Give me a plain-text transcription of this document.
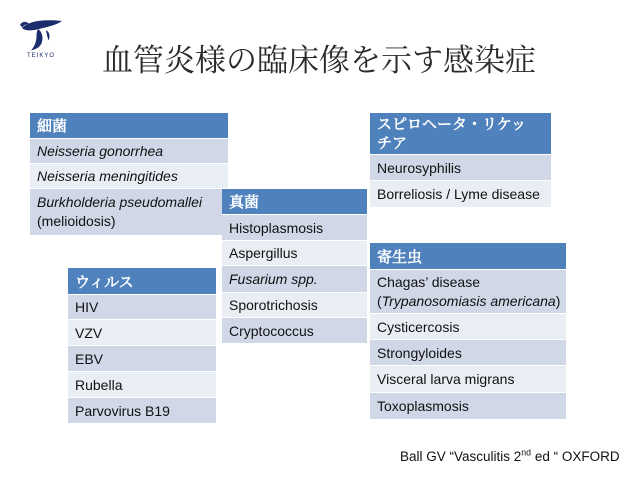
TEIKYO	血管炎様の臨床像を示す感染症
細菌
Neisseria gonorrhea
Neisseria meningitides
Burkholderia pseudomallei
(melioidosis)
真菌
Histoplasmosis
Aspergillus
Fusarium spp.
Sporotrichosis
Cryptococcus
ウィルス
HIV
VZV
EBV
Rubella
Parvovirus B19
スピロヘータ・リケッチア
Neurosyphilis
Borreliosis / Lyme disease
寄生虫
Chagas’ disease
(Trypanosomiasis americana)
Cysticercosis
Strongyloides
Visceral larva migrans
Toxoplasmosis
Ball GV “Vasculitis 2nd ed “ OXFORD
